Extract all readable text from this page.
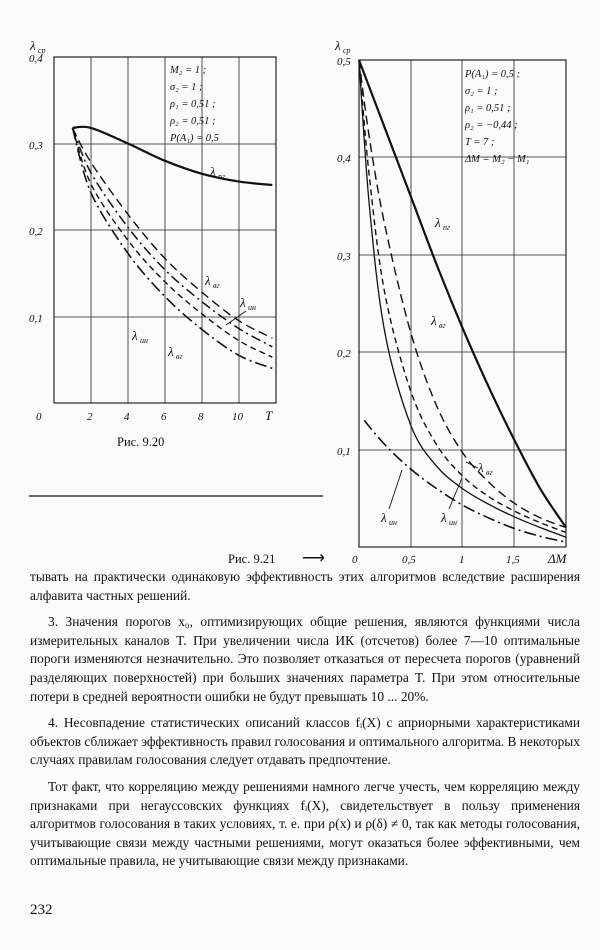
λ ср
T
0,4
0,3
0,2
0,1
0	2	4	6	8	10
M₂ = 1 ;
σ₂ = 1 ;
ρ₁ = 0,51 ;
ρ₂ = 0,51 ;
P(A₁) = 0,5
λ пг
λ вг
λ ин
λ ин
λ вг
Рис. 9.20
λ ср
ΔM
0,5
0,4
0,3
0,2
0,1
0	0,5	1	1,5
P(A₁) = 0,5 ;
σ₂ = 1 ;
ρ₁ = 0,51 ;
ρ₂ = −0,44 ;
T = 7 ;
ΔM = M₂ − M₁
λ пг
λ вг
λ вг
λ ин	λ ин
Рис. 9.21 ⟶

тывать на практически одинаковую эффективность этих алгоритмов вследствие расширения алфавита частных решений.

3. Значения порогов x₀, оптимизирующих общие решения, являются функциями числа измерительных каналов T. При увеличении числа ИК (отсчетов) более 7—10 оптимальные пороги изменяются незначительно. Это позволяет отказаться от пересчета порогов (уравнений разделяющих поверхностей) при больших значениях параметра T. При этом относительные потери в средней вероятности ошибки не будут превышать 10 ... 20%.

4. Несовпадение статистических описаний классов fᵢ(X) с априорными характеристиками объектов сближает эффективность правил голосования и оптимального алгоритма. В некоторых случаях правилам голосования следует отдавать предпочтение.

Тот факт, что корреляцию между решениями намного легче учесть, чем корреляцию между признаками при негауссовских функциях fᵢ(X), свидетельствует в пользу применения алгоритмов голосования в таких условиях, т. е. при ρ(x) и ρ(δ) ≠ 0, так как методы голосования, учитывающие связи между частными решениями, могут оказаться более эффективными, чем оптимальные правила, не учитывающие связи между признаками.

232
